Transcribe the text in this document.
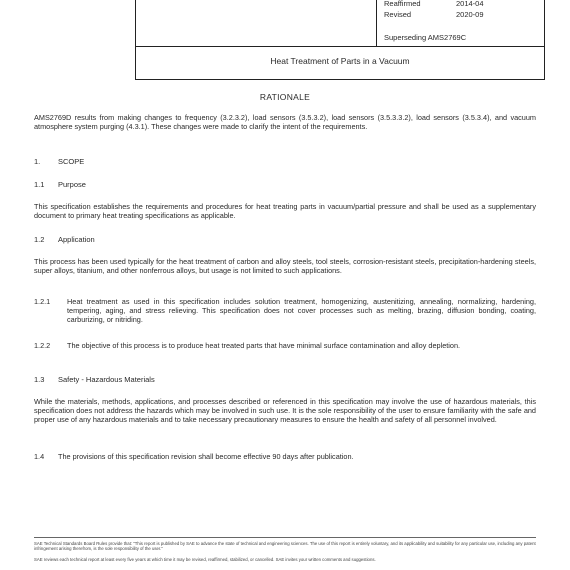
Reaffirmed	2014-04
Revised	2020-09
Superseding AMS2769C
Heat Treatment of Parts in a Vacuum
RATIONALE
AMS2769D results from making changes to frequency (3.2.3.2), load sensors (3.5.3.2), load sensors (3.5.3.3.2), load sensors (3.5.3.4), and vacuum atmosphere system purging (4.3.1). These changes were made to clarify the intent of the requirements.
1. SCOPE
1.1 Purpose
This specification establishes the requirements and procedures for heat treating parts in vacuum/partial pressure and shall be used as a supplementary document to primary heat treating specifications as applicable.
1.2 Application
This process has been used typically for the heat treatment of carbon and alloy steels, tool steels, corrosion-resistant steels, precipitation-hardening steels, super alloys, titanium, and other nonferrous alloys, but usage is not limited to such applications.
1.2.1 Heat treatment as used in this specification includes solution treatment, homogenizing, austenitizing, annealing, normalizing, hardening, tempering, aging, and stress relieving. This specification does not cover processes such as melting, brazing, diffusion bonding, coating, carburizing, or nitriding.
1.2.2 The objective of this process is to produce heat treated parts that have minimal surface contamination and alloy depletion.
1.3 Safety - Hazardous Materials
While the materials, methods, applications, and processes described or referenced in this specification may involve the use of hazardous materials, this specification does not address the hazards which may be involved in such use. It is the sole responsibility of the user to ensure familiarity with the safe and proper use of any hazardous materials and to take necessary precautionary measures to ensure the health and safety of all personnel involved.
1.4 The provisions of this specification revision shall become effective 90 days after publication.
SAE Technical Standards Board Rules provide that: "This report is published by SAE to advance the state of technical and engineering sciences. The use of this report is entirely voluntary, and its applicability and suitability for any particular use, including any patent infringement arising therefrom, is the sole responsibility of the user."
SAE reviews each technical report at least every five years at which time it may be revised, reaffirmed, stabilized, or cancelled. SAE invites your written comments and suggestions.
